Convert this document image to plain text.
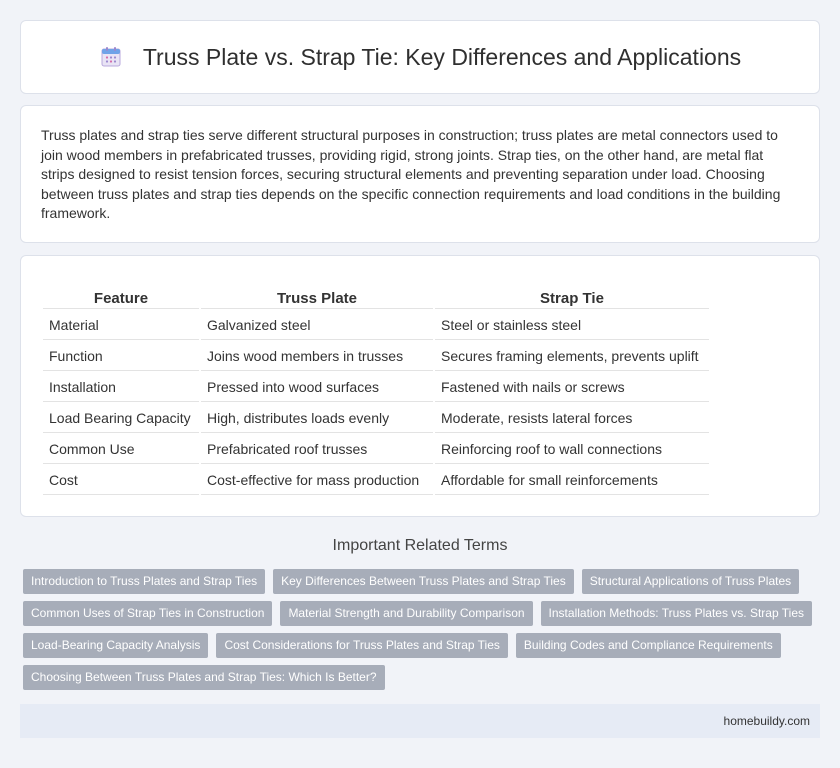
Truss Plate vs. Strap Tie: Key Differences and Applications

Truss plates and strap ties serve different structural purposes in construction; truss plates are metal connectors used to join wood members in prefabricated trusses, providing rigid, strong joints. Strap ties, on the other hand, are metal flat strips designed to resist tension forces, securing structural elements and preventing separation under load. Choosing between truss plates and strap ties depends on the specific connection requirements and load conditions in the building framework.

Feature	Truss Plate	Strap Tie
Material	Galvanized steel	Steel or stainless steel
Function	Joins wood members in trusses	Secures framing elements, prevents uplift
Installation	Pressed into wood surfaces	Fastened with nails or screws
Load Bearing Capacity	High, distributes loads evenly	Moderate, resists lateral forces
Common Use	Prefabricated roof trusses	Reinforcing roof to wall connections
Cost	Cost-effective for mass production	Affordable for small reinforcements
Important Related Terms
Introduction to Truss Plates and Strap Ties	Key Differences Between Truss Plates and Strap Ties	Structural Applications of Truss Plates
Common Uses of Strap Ties in Construction	Material Strength and Durability Comparison	Installation Methods: Truss Plates vs. Strap Ties
Load-Bearing Capacity Analysis	Cost Considerations for Truss Plates and Strap Ties	Building Codes and Compliance Requirements
Choosing Between Truss Plates and Strap Ties: Which Is Better?
homebuildy.com
